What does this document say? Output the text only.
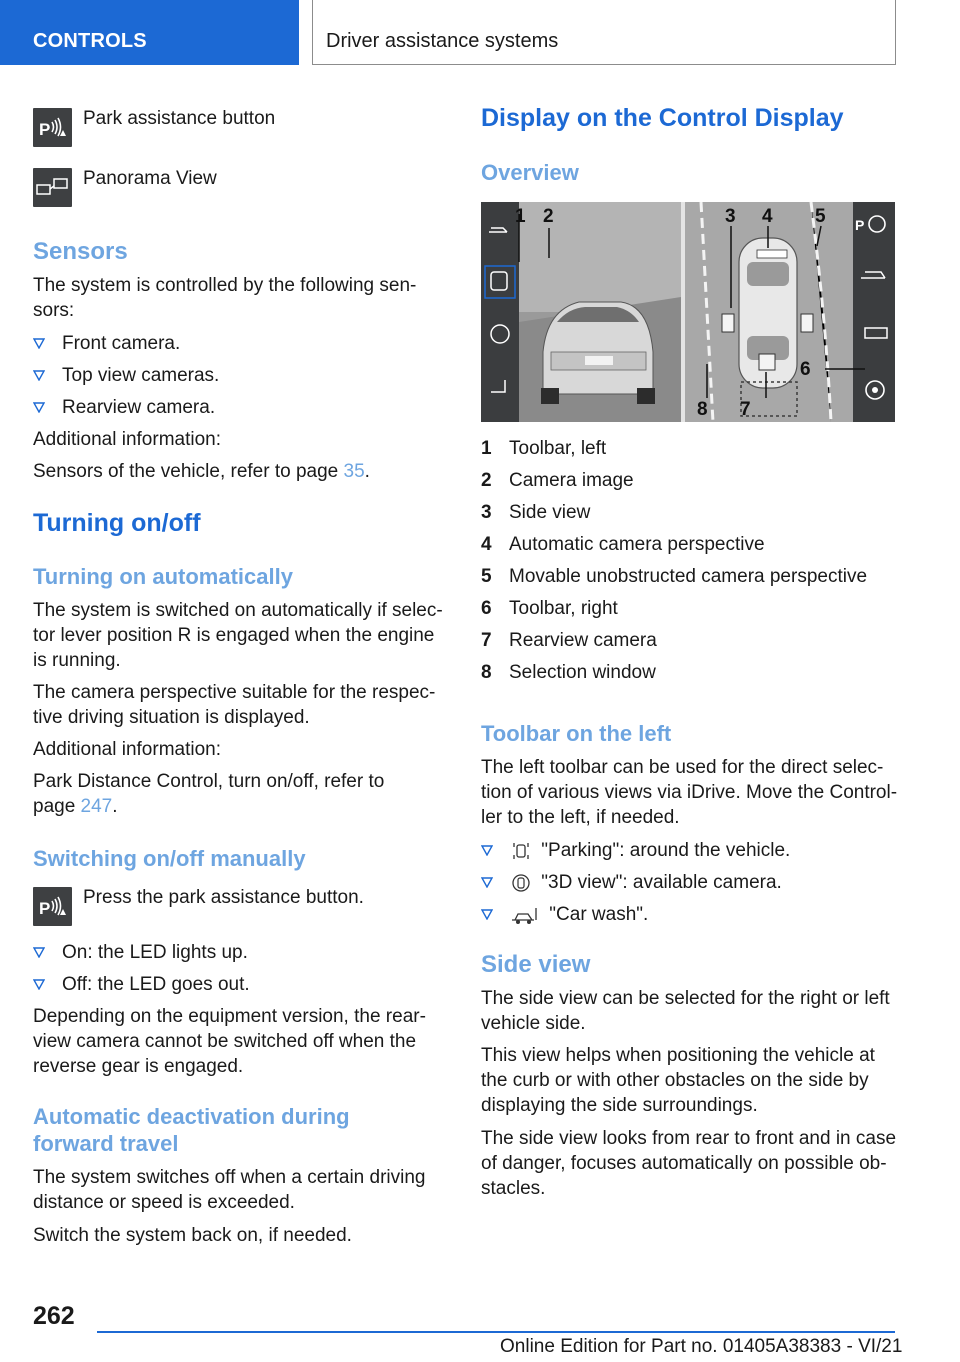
CONTROLS	Driver assistance systems
P
Park assistance button
Panorama View
Sensors
The system is controlled by the following sen-
sors:
Front camera.
Top view cameras.
Rearview camera.
Additional information:
Sensors of the vehicle, refer to page 35.
Turning on/off
Turning on automatically
The system is switched on automatically if selec-
tor lever position R is engaged when the engine
is running.
The camera perspective suitable for the respec-
tive driving situation is displayed.
Additional information:
Park Distance Control, turn on/off, refer to
page 247.
Switching on/off manually
P
Press the park assistance button.
On: the LED lights up.
Off: the LED goes out.
Depending on the equipment version, the rear-
view camera cannot be switched off when the
reverse gear is engaged.
Automatic deactivation during
forward travel
The system switches off when a certain driving
distance or speed is exceeded.
Switch the system back on, if needed.
Display on the Control Display
Overview
P
1 2	3 4 5
6
7
8
1 Toolbar, left
2 Camera image
3 Side view
4 Automatic camera perspective
5 Movable unobstructed camera perspective
6 Toolbar, right
7 Rearview camera
8 Selection window
Toolbar on the left
The left toolbar can be used for the direct selec-
tion of various views via iDrive. Move the Control-
ler to the left, if needed.
"Parking": around the vehicle.
"3D view": available camera.
"Car wash".
Side view
The side view can be selected for the right or left
vehicle side.
This view helps when positioning the vehicle at
the curb or with other obstacles on the side by
displaying the side surroundings.
The side view looks from rear to front and in case
of danger, focuses automatically on possible ob-
stacles.
262
Online Edition for Part no. 01405A38383 - VI/21
